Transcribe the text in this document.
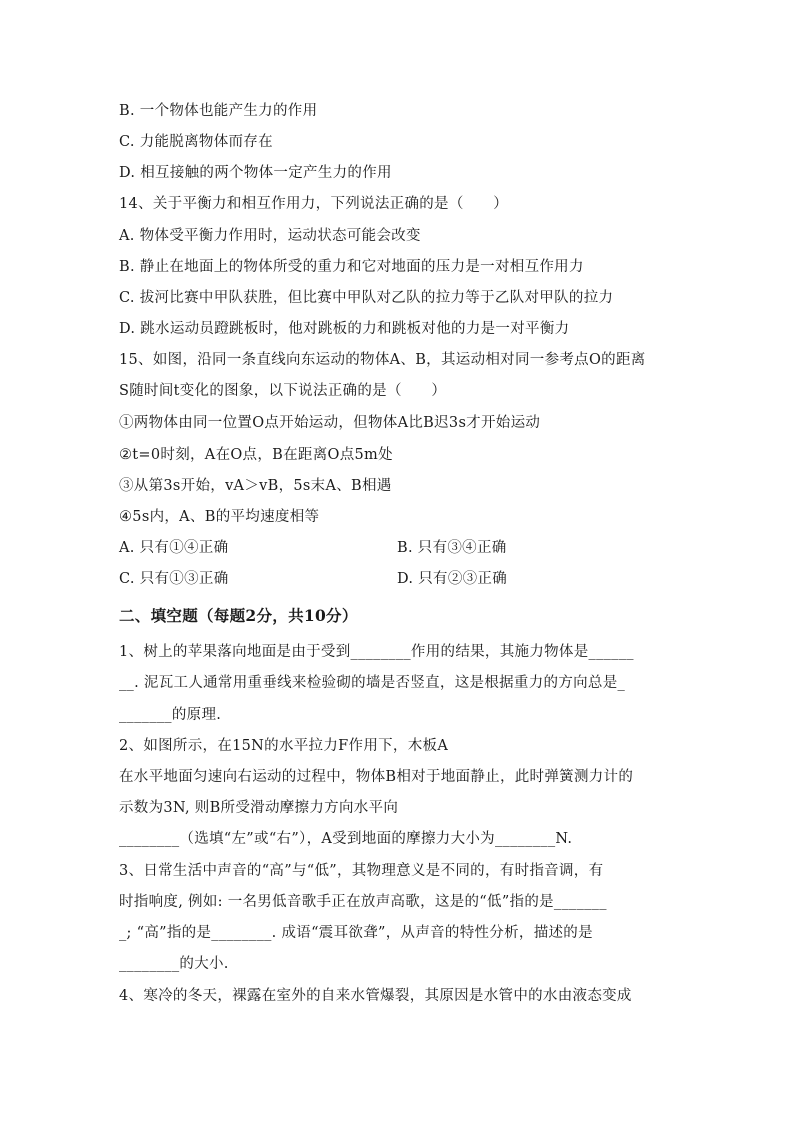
B. 一个物体也能产生力的作用
C. 力能脱离物体而存在
D. 相互接触的两个物体一定产生力的作用
14、关于平衡力和相互作用力，下列说法正确的是（　　）
A. 物体受平衡力作用时，运动状态可能会改变
B. 静止在地面上的物体所受的重力和它对地面的压力是一对相互作用力
C. 拔河比赛中甲队获胜，但比赛中甲队对乙队的拉力等于乙队对甲队的拉力
D. 跳水运动员蹬跳板时，他对跳板的力和跳板对他的力是一对平衡力
15、如图，沿同一条直线向东运动的物体A、B，其运动相对同一参考点O的距离
S随时间t变化的图象，以下说法正确的是（　　）
①两物体由同一位置O点开始运动，但物体A比B迟3s才开始运动
②t=0时刻，A在O点，B在距离O点5m处
③从第3s开始，vA＞vB，5s末A、B相遇
④5s内，A、B的平均速度相等
A. 只有①④正确	B. 只有③④正确
C. 只有①③正确	D. 只有②③正确
二、填空题（每题2分，共10分）
1、树上的苹果落向地面是由于受到________作用的结果，其施力物体是______
__. 泥瓦工人通常用重垂线来检验砌的墙是否竖直，这是根据重力的方向总是_
_______的原理.
2、如图所示，在15N的水平拉力F作用下，木板A
在水平地面匀速向右运动的过程中，物体B相对于地面静止，此时弹簧测力计的
示数为3N, 则B所受滑动摩擦力方向水平向
________（选填“左”或“右”），A受到地面的摩擦力大小为________N.
3、日常生活中声音的“高”与“低”，其物理意义是不同的，有时指音调，有
时指响度, 例如: 一名男低音歌手正在放声高歌，这是的“低”指的是_______
_; “高”指的是________. 成语“震耳欲聋”，从声音的特性分析，描述的是
________的大小.
4、寒冷的冬天，裸露在室外的自来水管爆裂，其原因是水管中的水由液态变成
